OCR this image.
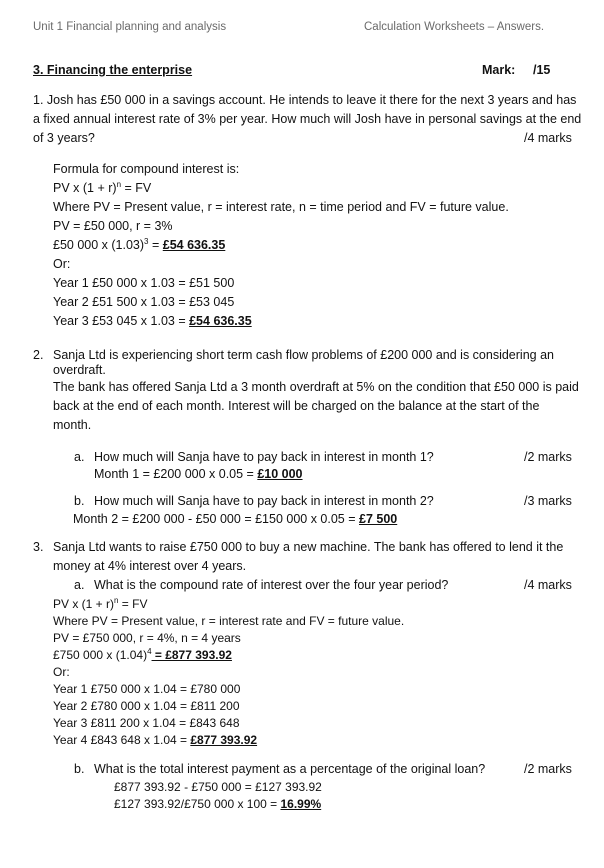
Unit 1 Financial planning and analysis	Calculation Worksheets – Answers.
3. Financing the enterprise	Mark: /15
1. Josh has £50 000 in a savings account. He intends to leave it there for the next 3 years and has
a fixed annual interest rate of 3% per year. How much will Josh have in personal savings at the end
of 3 years?	/4 marks
Formula for compound interest is:
PV x $(1 + r)^n$ = FV
Where PV = Present value, r = interest rate, n = time period and FV = future value.
PV = £50 000, r = 3%
£50 000 x $(1.03)^3$ = £54 636.35
Or:
Year 1 £50 000 x 1.03 = £51 500
Year 2 £51 500 x 1.03 = £53 045
Year 3 £53 045 x 1.03 = £54 636.35
2. Sanja Ltd is experiencing short term cash flow problems of £200 000 and is considering an
overdraft.
The bank has offered Sanja Ltd a 3 month overdraft at 5% on the condition that £50 000 is paid
back at the end of each month. Interest will be charged on the balance at the start of the
month.
a. How much will Sanja have to pay back in interest in month 1?	/2 marks
Month 1 = £200 000 x 0.05 = £10 000
b. How much will Sanja have to pay back in interest in month 2?	/3 marks
Month 2 = £200 000 - £50 000 = £150 000 x 0.05 = £7 500
3. Sanja Ltd wants to raise £750 000 to buy a new machine. The bank has offered to lend it the
money at 4% interest over 4 years.
a. What is the compound rate of interest over the four year period?	/4 marks
PV x $(1 + r)^n$ = FV
Where PV = Present value, r = interest rate and FV = future value.
PV = £750 000, r = 4%, n = 4 years
£750 000 x $(1.04)^4$ = £877 393.92
Or:
Year 1 £750 000 x 1.04 = £780 000
Year 2 £780 000 x 1.04 = £811 200
Year 3 £811 200 x 1.04 = £843 648
Year 4 £843 648 x 1.04 = £877 393.92
b. What is the total interest payment as a percentage of the original loan?	/2 marks
£877 393.92 - £750 000 = £127 393.92
£127 393.92/£750 000 x 100 = 16.99%
